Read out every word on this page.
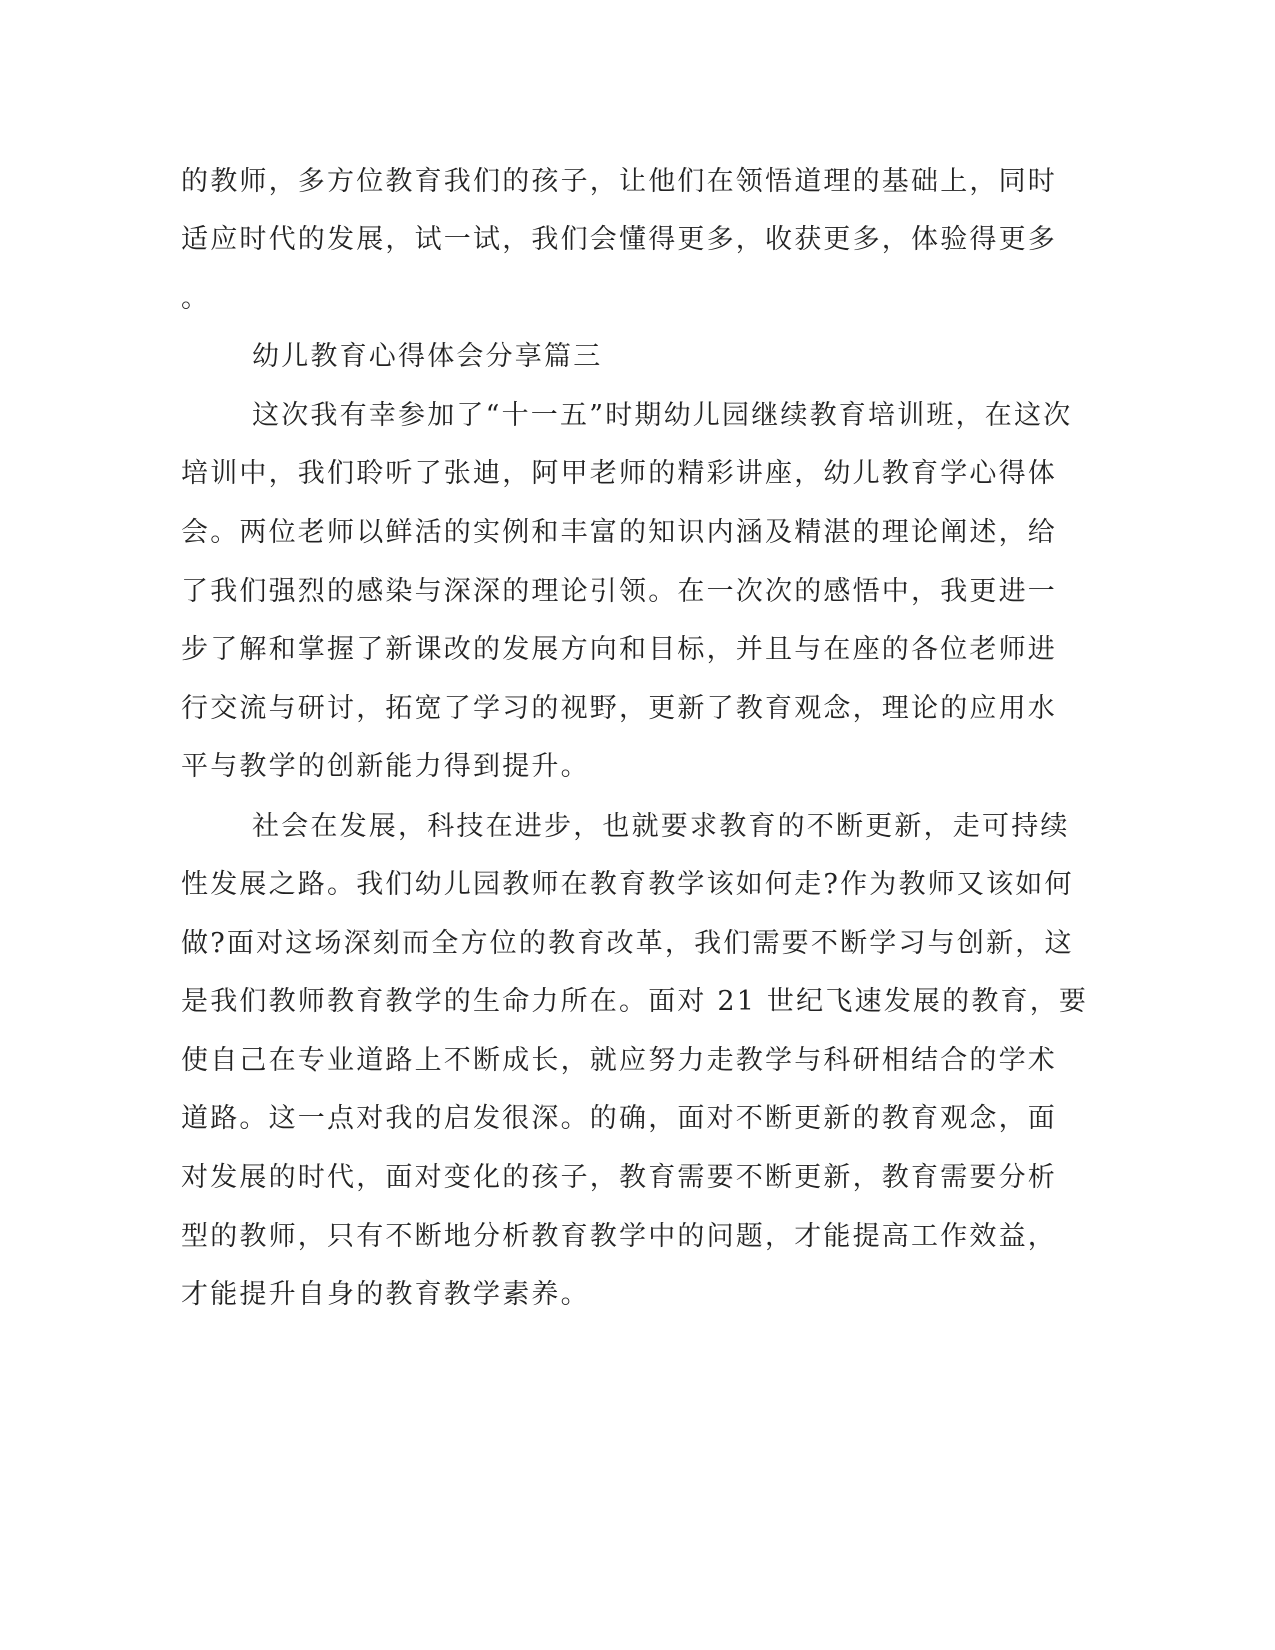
的教师，多方位教育我们的孩子，让他们在领悟道理的基础上，同时
适应时代的发展，试一试，我们会懂得更多，收获更多，体验得更多
。
幼儿教育心得体会分享篇三
这次我有幸参加了“十一五”时期幼儿园继续教育培训班，在这次
培训中，我们聆听了张迪，阿甲老师的精彩讲座，幼儿教育学心得体
会。两位老师以鲜活的实例和丰富的知识内涵及精湛的理论阐述，给
了我们强烈的感染与深深的理论引领。在一次次的感悟中，我更进一
步了解和掌握了新课改的发展方向和目标，并且与在座的各位老师进
行交流与研讨，拓宽了学习的视野，更新了教育观念，理论的应用水
平与教学的创新能力得到提升。
社会在发展，科技在进步，也就要求教育的不断更新，走可持续
性发展之路。我们幼儿园教师在教育教学该如何走?作为教师又该如何
做?面对这场深刻而全方位的教育改革，我们需要不断学习与创新，这
是我们教师教育教学的生命力所在。面对 21 世纪飞速发展的教育，要
使自己在专业道路上不断成长，就应努力走教学与科研相结合的学术
道路。这一点对我的启发很深。的确，面对不断更新的教育观念，面
对发展的时代，面对变化的孩子，教育需要不断更新，教育需要分析
型的教师，只有不断地分析教育教学中的问题，才能提高工作效益，
才能提升自身的教育教学素养。
